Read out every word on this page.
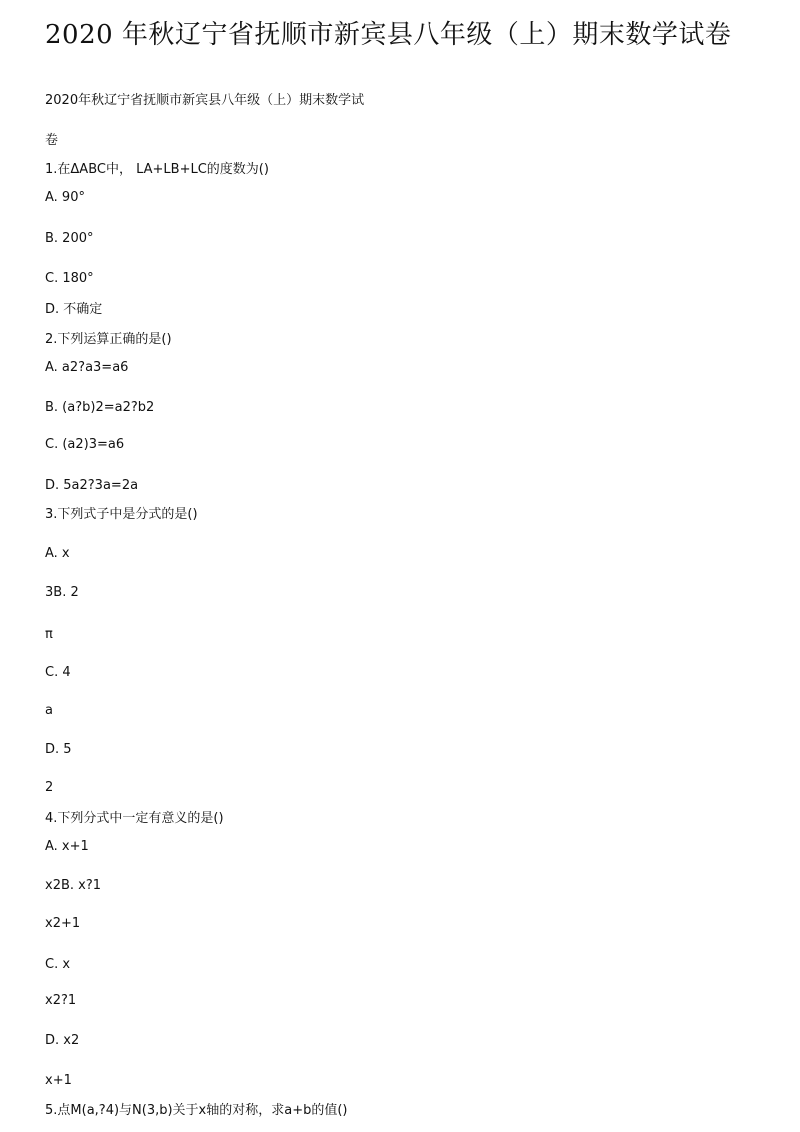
2020 年秋辽宁省抚顺市新宾县八年级（上）期末数学试卷
2020年秋辽宁省抚顺市新宾县八年级（上）期末数学试
卷
1.在ΔABC中， LA+LB+LC的度数为()
A. 90°
B. 200°
C. 180°
D. 不确定
2.下列运算正确的是()
A. a2?a3=a6
B. (a?b)2=a2?b2
C. (a2)3=a6
D. 5a2?3a=2a
3.下列式子中是分式的是()
A. x
3B. 2
π
C. 4
a
D. 5
2
4.下列分式中一定有意义的是()
A. x+1
x2B. x?1
x2+1
C. x
x2?1
D. x2
x+1
5.点M(a,?4)与N(3,b)关于x轴的对称，求a+b的值()
